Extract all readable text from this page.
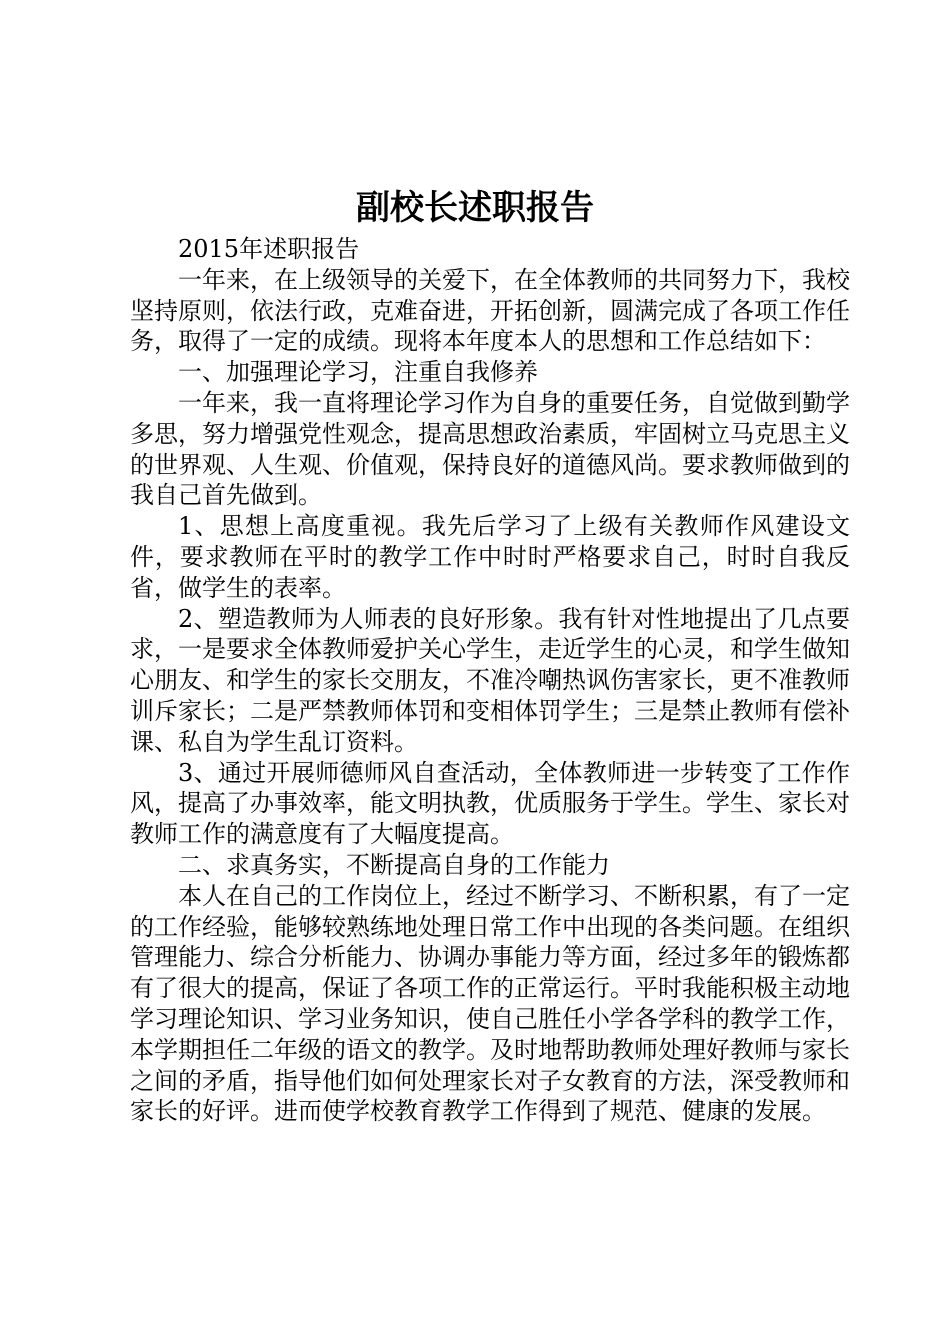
副校长述职报告

2015年述职报告

一年来，在上级领导的关爱下，在全体教师的共同努力下，我校坚持原则，依法行政，克难奋进，开拓创新，圆满完成了各项工作任务，取得了一定的成绩。现将本年度本人的思想和工作总结如下：

一、加强理论学习，注重自我修养

一年来，我一直将理论学习作为自身的重要任务，自觉做到勤学多思，努力增强党性观念，提高思想政治素质，牢固树立马克思主义的世界观、人生观、价值观，保持良好的道德风尚。要求教师做到的我自己首先做到。

1、思想上高度重视。我先后学习了上级有关教师作风建设文件，要求教师在平时的教学工作中时时严格要求自己，时时自我反省，做学生的表率。

2、塑造教师为人师表的良好形象。我有针对性地提出了几点要求，一是要求全体教师爱护关心学生，走近学生的心灵，和学生做知心朋友、和学生的家长交朋友，不准冷嘲热讽伤害家长，更不准教师训斥家长；二是严禁教师体罚和变相体罚学生；三是禁止教师有偿补课、私自为学生乱订资料。

3、通过开展师德师风自查活动，全体教师进一步转变了工作作风，提高了办事效率，能文明执教，优质服务于学生。学生、家长对教师工作的满意度有了大幅度提高。

二、求真务实，不断提高自身的工作能力

本人在自己的工作岗位上，经过不断学习、不断积累，有了一定的工作经验，能够较熟练地处理日常工作中出现的各类问题。在组织管理能力、综合分析能力、协调办事能力等方面，经过多年的锻炼都有了很大的提高，保证了各项工作的正常运行。平时我能积极主动地学习理论知识、学习业务知识，使自己胜任小学各学科的教学工作，本学期担任二年级的语文的教学。及时地帮助教师处理好教师与家长之间的矛盾，指导他们如何处理家长对子女教育的方法，深受教师和家长的好评。进而使学校教育教学工作得到了规范、健康的发展。
